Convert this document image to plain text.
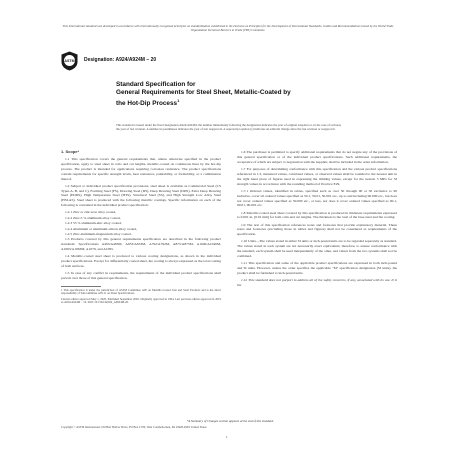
This international standard was developed in accordance with internationally recognized principles on standardization established in the Decision on Principles for the Development of International Standards, Guides and Recommendations issued by the World Trade Organization Technical Barriers to Trade (TBT) Committee.
ASTM Designation: A924/A924M − 20
Standard Specification for
General Requirements for Steel Sheet, Metallic-Coated by
the Hot-Dip Process$^1$
This standard is issued under the fixed designation A924/A924M; the number immediately following the designation indicates the year of original adoption or, in the case of revision, the year of last revision. A number in parentheses indicates the year of last reapproval. A superscript epsilon (ε) indicates an editorial change since the last revision or reapproval.
1. Scope*

1.1 This specification covers the general requirements that, unless otherwise specified in the product specification, apply to steel sheet in coils and cut lengths, metallic-coated on continuous lines by the hot-dip process. The product is intended for applications requiring corrosion resistance. The product specifications contain requirements for specific strength levels, heat resistance, paintability, or formability, or a combination thereof.

1.2 Subject to individual product specification provisions, steel sheet is available as Commercial Steel (CS Types A, B, and C), Forming Steel (FS), Drawing Steel (DS), Deep Drawing Steel (DDS), Extra Deep Drawing Steel (EDDS), High Temperature Steel (HTS), Structural Steel (SS), and High Strength Low Alloy Steel (HSLAS). Steel sheet is produced with the following metallic coatings. Specific information on each of the following is contained in the individual product specification:

1.2.1 Zinc or zinc-iron alloy coated,

1.2.2 Zinc-5 % aluminum alloy coated,

1.2.3 55 % aluminum-zinc alloy coated,

1.2.4 Aluminum or aluminum-silicon alloy coated,

1.2.5 Zinc-aluminum-magnesium alloy coated.

1.3 Products covered by this general requirements specification are described in the following product standards: Specifications A463/A463M, A653/A653M, A792/A792M, A875/A875M, A1046/A1046M, A1063/A1063M, A1079, and A1095.

1.4 Metallic-coated steel sheet is produced to various coating designations, as shown in the individual product specifications. Except for differentially coated sheet, the coating is always expressed as the total coating of both surfaces.

1.5 In case of any conflict in requirements, the requirements of the individual product specifications shall prevail over those of this general specification.

1 This specification is under the jurisdiction of ASTM Committee A05 on Metallic-Coated Iron and Steel Products and is the direct responsibility of Subcommittee A05.11 on Sheet Specifications.
Current edition approved May 1, 2020. Published September 2020. Originally approved in 1994. Last previous edition approved in 2019 as A924/A924M − 19. DOI: 10.1520/A0924_A0924M-20.

1.6 The purchaser is permitted to specify additional requirements that do not negate any of the provisions of this general specification or of the individual product specifications. Such additional requirements, the acceptance of which are subject to negotiation with the supplier, shall be included in the order information.

1.7 For purposes of determining conformance with this specification and the various product specifications referenced in 1.3, measured values, calculated values, or observed values shall be rounded to the nearest unit in the right hand place of figures used in expressing the limiting values, except for the nearest 5 MPa for SI strength values in accordance with the rounding method of Practice E29.

1.7.1 Ordered values, identified in tables, specified such as over 50 through 90 or 50 exclusive to 90 inclusive, cover all ordered values specified as 50.1, 50.01, 50.001 etc., up to and including 90.000 etc., but does not cover ordered values specified as 50.000 etc., or less, nor does it cover ordered values specified as 90.1, 90.01, 90.001 etc.

1.8 Metallic-coated steel sheet covered by this specification is produced in thickness requirements expressed to 0.001 in. [0.01 mm] for both coils and cut lengths. The thickness is the total of the base steel and the coating.

1.9 The text of this specification references notes and footnotes that provide explanatory material. These notes and footnotes (excluding those in tables and figures) shall not be considered as requirements of the specification.

1.10 Units—The values stated in either SI units or inch-pound units are to be regarded separately as standard. The values stated in each system are not necessarily exact equivalents; therefore, to ensure conformance with the standard, each system shall be used independently of the other, and values from the two systems shall not be combined.

1.11 This specification and some of the applicable product specifications are expressed in both inch-pound and SI units. However, unless the order specifies the applicable "M" specification designation (SI units), the product shall be furnished to inch-pound units.

1.12 This standard does not purport to address all of the safety concerns, if any, associated with its use. It is the

*A Summary of Changes section appears at the end of this standard
Copyright © ASTM International, 100 Barr Harbor Drive, PO Box C700, West Conshohocken, PA 19428-2959. United States
1
